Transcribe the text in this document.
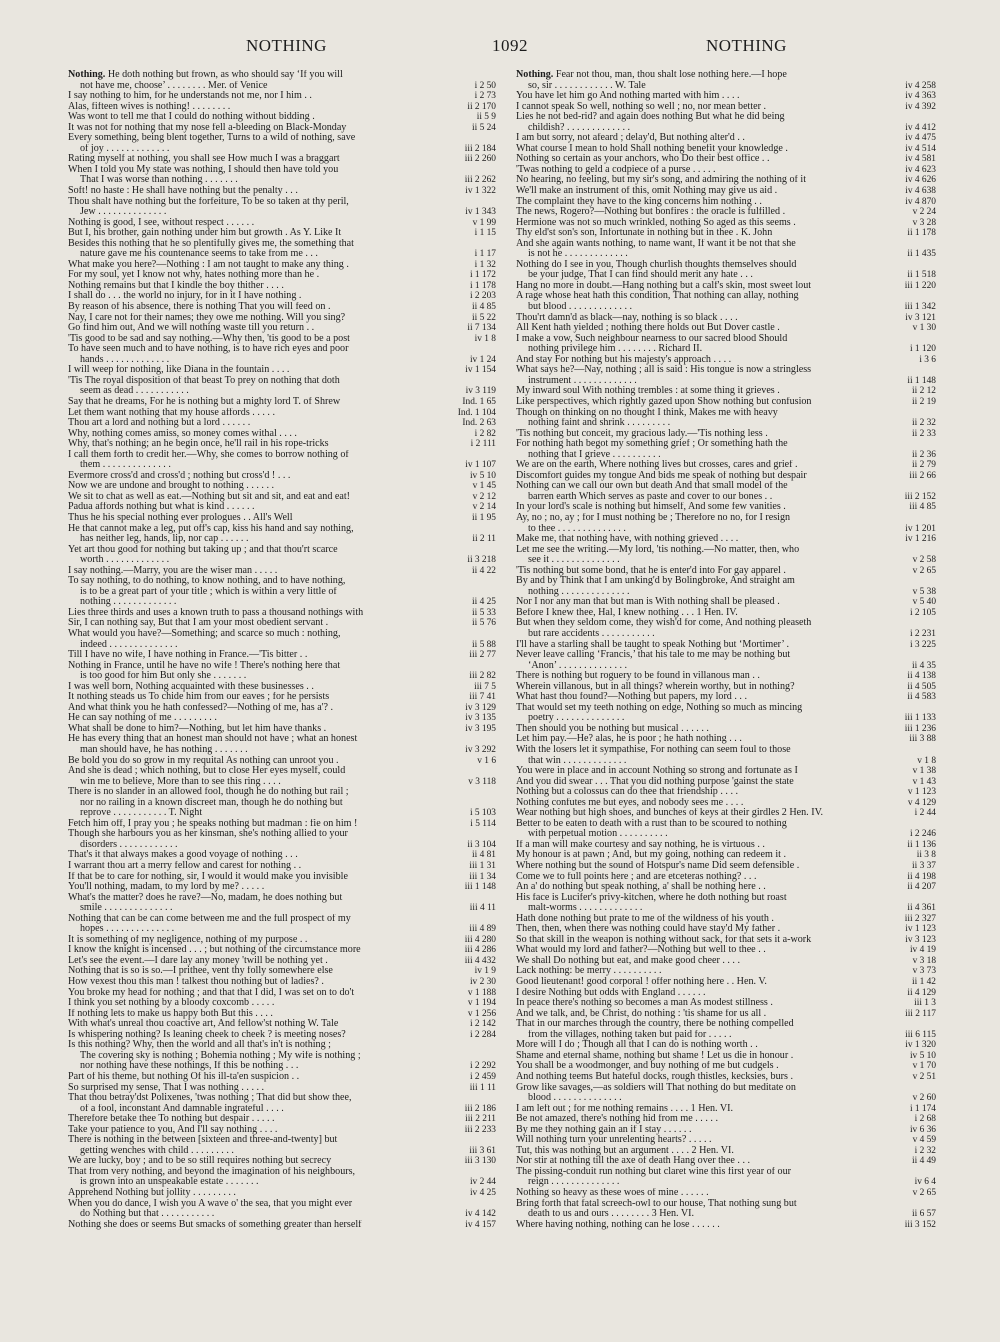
NOTHING	1092	NOTHING
Nothing. He doth nothing but frown, as who should say ‘If you will
not have me, choose’ . . . . . . . . Mer. of Venice	i 2 50
I say nothing to him, for he understands not me, nor I him . .	i 2 73
Alas, fifteen wives is nothing! . . . . . . . .	ii 2 170
Was wont to tell me that I could do nothing without bidding .	ii 5 9
It was not for nothing that my nose fell a-bleeding on Black-Monday	ii 5 24
Every something, being blent together, Turns to a wild of nothing, save
of joy . . . . . . . . . . . . .	iii 2 184
Rating myself at nothing, you shall see How much I was a braggart	iii 2 260
When I told you My state was nothing, I should then have told you
That I was worse than nothing . . . . . . .	iii 2 262
Soft! no haste : He shall have nothing but the penalty . . .	iv 1 322
Thou shalt have nothing but the forfeiture, To be so taken at thy peril,
Jew . . . . . . . . . . . . . .	iv 1 343
Nothing is good, I see, without respect . . . . . .	v 1 99
But I, his brother, gain nothing under him but growth . As Y. Like It	i 1 15
Besides this nothing that he so plentifully gives me, the something that
nature gave me his countenance seems to take from me . . .	i 1 17
What make you here?—Nothing : I am not taught to make any thing .	i 1 32
For my soul, yet I know not why, hates nothing more than he .	i 1 172
Nothing remains but that I kindle the boy thither . . . .	i 1 178
I shall do . . . the world no injury, for in it I have nothing .	i 2 203
By reason of his absence, there is nothing That you will feed on .	ii 4 85
Nay, I care not for their names; they owe me nothing. Will you sing?	ii 5 22
Go find him out, And we will nothing waste till you return . .	ii 7 134
'Tis good to be sad and say nothing.—Why then, 'tis good to be a post	iv 1 8
To have seen much and to have nothing, is to have rich eyes and poor
hands . . . . . . . . . . . . .	iv 1 24
I will weep for nothing, like Diana in the fountain . . . .	iv 1 154
'Tis The royal disposition of that beast To prey on nothing that doth
seem as dead . . . . . . . . . . .	iv 3 119
Say that he dreams, For he is nothing but a mighty lord T. of Shrew	Ind. 1 65
Let them want nothing that my house affords . . . . .	Ind. 1 104
Thou art a lord and nothing but a lord . . . . . .	Ind. 2 63
Why, nothing comes amiss, so money comes withal . . . .	i 2 82
Why, that's nothing; an he begin once, he'll rail in his rope-tricks	i 2 111
I call them forth to credit her.—Why, she comes to borrow nothing of
them . . . . . . . . . . . . . .	iv 1 107
Evermore cross'd and cross'd ; nothing but cross'd ! . . .	iv 5 10
Now we are undone and brought to nothing . . . . . .	v 1 45
We sit to chat as well as eat.—Nothing but sit and sit, and eat and eat!	v 2 12
Padua affords nothing but what is kind . . . . . .	v 2 14
Thus he his special nothing ever prologues . . All's Well	ii 1 95
He that cannot make a leg, put off's cap, kiss his hand and say nothing,
has neither leg, hands, lip, nor cap . . . . . .	ii 2 11
Yet art thou good for nothing but taking up ; and that thou'rt scarce
worth . . . . . . . . . . . . .	ii 3 218
I say nothing.—Marry, you are the wiser man . . . . .	ii 4 22
To say nothing, to do nothing, to know nothing, and to have nothing,
is to be a great part of your title ; which is within a very little of
nothing . . . . . . . . . . . . .	ii 4 25
Lies three thirds and uses a known truth to pass a thousand nothings with	ii 5 33
Sir, I can nothing say, But that I am your most obedient servant .	ii 5 76
What would you have?—Something; and scarce so much : nothing,
indeed . . . . . . . . . . . . . .	ii 5 88
Till I have no wife, I have nothing in France.—'Tis bitter . .	iii 2 77
Nothing in France, until he have no wife ! There's nothing here that
is too good for him But only she . . . . . . .	iii 2 82
I was well born, Nothing acquainted with these businesses . .	iii 7 5
It nothing steads us To chide him from our eaves ; for he persists	iii 7 41
And what think you he hath confessed?—Nothing of me, has a'? .	iv 3 129
He can say nothing of me . . . . . . . . .	iv 3 135
What shall be done to him?—Nothing, but let him have thanks .	iv 3 195
He has every thing that an honest man should not have ; what an honest
man should have, he has nothing . . . . . . .	iv 3 292
Be bold you do so grow in my requital As nothing can unroot you .	v 1 6
And she is dead ; which nothing, but to close Her eyes myself, could
win me to believe, More than to see this ring . . . .	v 3 118
There is no slander in an allowed fool, though he do nothing but rail ;
nor no railing in a known discreet man, though he do nothing but
reprove . . . . . . . . . . . T. Night	i 5 103
Fetch him off, I pray you ; he speaks nothing but madman : fie on him !	i 5 114
Though she harbours you as her kinsman, she's nothing allied to your
disorders . . . . . . . . . . . .	ii 3 104
That's it that always makes a good voyage of nothing . . .	ii 4 81
I warrant thou art a merry fellow and carest for nothing . .	iii 1 31
If that be to care for nothing, sir, I would it would make you invisible	iii 1 34
You'll nothing, madam, to my lord by me? . . . . .	iii 1 148
What's the matter? does he rave?—No, madam, he does nothing but
smile . . . . . . . . . . . . . .	iii 4 11
Nothing that can be can come between me and the full prospect of my
hopes . . . . . . . . . . . . . .	iii 4 89
It is something of my negligence, nothing of my purpose . .	iii 4 280
I know the knight is incensed . . . ; but nothing of the circumstance more	iii 4 286
Let's see the event.—I dare lay any money 'twill be nothing yet .	iii 4 432
Nothing that is so is so.—I prithee, vent thy folly somewhere else	iv 1 9
How vexest thou this man ! talkest thou nothing but of ladies? .	iv 2 30
You broke my head for nothing ; and that that I did, I was set on to do't	v 1 188
I think you set nothing by a bloody coxcomb . . . . .	v 1 194
If nothing lets to make us happy both But this . . . .	v 1 256
With what's unreal thou coactive art, And fellow'st nothing W. Tale	i 2 142
Is whispering nothing? Is leaning cheek to cheek ? is meeting noses?	i 2 284
Is this nothing? Why, then the world and all that's in't is nothing ;
The covering sky is nothing ; Bohemia nothing ; My wife is nothing ;
nor nothing have these nothings, If this be nothing . . .	i 2 292
Part of his theme, but nothing Of his ill-ta'en suspicion . .	i 2 459
So surprised my sense, That I was nothing . . . . .	iii 1 11
That thou betray'dst Polixenes, 'twas nothing ; That did but show thee,
of a fool, inconstant And damnable ingrateful . . . .	iii 2 186
Therefore betake thee To nothing but despair . . . . .	iii 2 211
Take your patience to you, And I'll say nothing . . . .	iii 2 233
There is nothing in the between [sixteen and three-and-twenty] but
getting wenches with child . . . . . . . . .	iii 3 61
We are lucky, boy ; and to be so still requires nothing but secrecy	iii 3 130
That from very nothing, and beyond the imagination of his neighbours,
is grown into an unspeakable estate . . . . . . .	iv 2 44
Apprehend Nothing but jollity . . . . . . . . .	iv 4 25
When you do dance, I wish you A wave o' the sea, that you might ever
do Nothing but that . . . . . . . . . . .	iv 4 142
Nothing she does or seems But smacks of something greater than herself	iv 4 157
Nothing. Fear not thou, man, thou shalt lose nothing here.—I hope
so, sir . . . . . . . . . . . . W. Tale	iv 4 258
You have let him go And nothing marted with him . . . .	iv 4 363
I cannot speak So well, nothing so well ; no, nor mean better .	iv 4 392
Lies he not bed-rid? and again does nothing But what he did being
childish? . . . . . . . . . . . . .	iv 4 412
I am but sorry, not afeard ; delay'd, But nothing alter'd . .	iv 4 475
What course I mean to hold Shall nothing benefit your knowledge .	iv 4 514
Nothing so certain as your anchors, who Do their best office . .	iv 4 581
'Twas nothing to geld a codpiece of a purse . . . . .	iv 4 623
No hearing, no feeling, but my sir's song, and admiring the nothing of it	iv 4 626
We'll make an instrument of this, omit Nothing may give us aid .	iv 4 638
The complaint they have to the king concerns him nothing . .	iv 4 870
The news, Rogero?—Nothing but bonfires : the oracle is fulfilled .	v 2 24
Hermione was not so much wrinkled, nothing So aged as this seems .	v 3 28
Thy eld'st son's son, Infortunate in nothing but in thee . K. John	ii 1 178
And she again wants nothing, to name want, If want it be not that she
is not he . . . . . . . . . . . . .	ii 1 435
Nothing do I see in you, Though churlish thoughts themselves should
be your judge, That I can find should merit any hate . . .	ii 1 518
Hang no more in doubt.—Hang nothing but a calf's skin, most sweet lout	iii 1 220
A rage whose heat hath this condition, That nothing can allay, nothing
but blood . . . . . . . . . . . . .	iii 1 342
Thou'rt damn'd as black—nay, nothing is so black . . . .	iv 3 121
All Kent hath yielded ; nothing there holds out But Dover castle .	v 1 30
I make a vow, Such neighbour nearness to our sacred blood Should
nothing privilege him . . . . . . . . Richard II.	i 1 120
And stay For nothing but his majesty's approach . . . .	i 3 6
What says he?—Nay, nothing ; all is said : His tongue is now a stringless
instrument . . . . . . . . . . . . .	ii 1 148
My inward soul With nothing trembles : at some thing it grieves .	ii 2 12
Like perspectives, which rightly gazed upon Show nothing but confusion	ii 2 19
Though on thinking on no thought I think, Makes me with heavy
nothing faint and shrink . . . . . . . . .	ii 2 32
'Tis nothing but conceit, my gracious lady.—'Tis nothing less .	ii 2 33
For nothing hath begot my something grief ; Or something hath the
nothing that I grieve . . . . . . . . . .	ii 2 36
We are on the earth, Where nothing lives but crosses, cares and grief .	ii 2 79
Discomfort guides my tongue And bids me speak of nothing but despair	iii 2 66
Nothing can we call our own but death And that small model of the
barren earth Which serves as paste and cover to our bones . .	iii 2 152
In your lord's scale is nothing but himself, And some few vanities .	iii 4 85
Ay, no ; no, ay ; for I must nothing be ; Therefore no no, for I resign
to thee . . . . . . . . . . . . . .	iv 1 201
Make me, that nothing have, with nothing grieved . . . .	iv 1 216
Let me see the writing.—My lord, 'tis nothing.—No matter, then, who
see it . . . . . . . . . . . . . .	v 2 58
'Tis nothing but some bond, that he is enter'd into For gay apparel .	v 2 65
By and by Think that I am unking'd by Bolingbroke, And straight am
nothing . . . . . . . . . . . . . .	v 5 38
Nor I nor any man that but man is With nothing shall be pleased .	v 5 40
Before I knew thee, Hal, I knew nothing . . . 1 Hen. IV.	i 2 105
But when they seldom come, they wish'd for come, And nothing pleaseth
but rare accidents . . . . . . . . . . .	i 2 231
I'll have a starling shall be taught to speak Nothing but ‘Mortimer’ .	i 3 225
Never leave calling ‘Francis,’ that his tale to me may be nothing but
‘Anon’ . . . . . . . . . . . . . .	ii 4 35
There is nothing but roguery to be found in villanous man . .	ii 4 138
Wherein villanous, but in all things? wherein worthy, but in nothing?	ii 4 505
What hast thou found?—Nothing but papers, my lord . . .	ii 4 583
That would set my teeth nothing on edge, Nothing so much as mincing
poetry . . . . . . . . . . . . . .	iii 1 133
Then should you be nothing but musical . . . . . .	iii 1 236
Let him pay.—He? alas, he is poor ; he hath nothing . . .	iii 3 88
With the losers let it sympathise, For nothing can seem foul to those
that win . . . . . . . . . . . . .	v 1 8
You were in place and in account Nothing so strong and fortunate as I	v 1 38
And you did swear . . . That you did nothing purpose 'gainst the state	v 1 43
Nothing but a colossus can do thee that friendship . . . .	v 1 123
Nothing confutes me but eyes, and nobody sees me . . . .	v 4 129
Wear nothing but high shoes, and bunches of keys at their girdles 2 Hen. IV.	i 2 44
Better to be eaten to death with a rust than to be scoured to nothing
with perpetual motion . . . . . . . . . .	i 2 246
If a man will make courtesy and say nothing, he is virtuous . .	ii 1 136
My honour is at pawn ; And, but my going, nothing can redeem it .	ii 3 8
Where nothing but the sound of Hotspur's name Did seem defensible .	ii 3 37
Come we to full points here ; and are etceteras nothing? . . .	ii 4 198
An a' do nothing but speak nothing, a' shall be nothing here . .	ii 4 207
His face is Lucifer's privy-kitchen, where he doth nothing but roast
malt-worms . . . . . . . . . . . . .	ii 4 361
Hath done nothing but prate to me of the wildness of his youth .	iii 2 327
Then, then, when there was nothing could have stay'd My father .	iv 1 123
So that skill in the weapon is nothing without sack, for that sets it a-work	iv 3 123
What would my lord and father?—Nothing but well to thee . .	iv 4 19
We shall Do nothing but eat, and make good cheer . . . .	v 3 18
Lack nothing: be merry . . . . . . . . . .	v 3 73
Good lieutenant! good corporal ! offer nothing here . . Hen. V.	ii 1 42
I desire Nothing but odds with England . . . . . .	ii 4 129
In peace there's nothing so becomes a man As modest stillness .	iii 1 3
And we talk, and, be Christ, do nothing : 'tis shame for us all .	iii 2 117
That in our marches through the country, there be nothing compelled
from the villages, nothing taken but paid for . . . . .	iii 6 115
More will I do ; Though all that I can do is nothing worth . .	iv 1 320
Shame and eternal shame, nothing but shame ! Let us die in honour .	iv 5 10
You shall be a woodmonger, and buy nothing of me but cudgels .	v 1 70
And nothing teems But hateful docks, rough thistles, kecksies, burs .	v 2 51
Grow like savages,—as soldiers will That nothing do but meditate on
blood . . . . . . . . . . . . . .	v 2 60
I am left out ; for me nothing remains . . . . 1 Hen. VI.	i 1 174
Be not amazed, there's nothing hid from me . . . . .	i 2 68
By me they nothing gain an if I stay . . . . . .	iv 6 36
Will nothing turn your unrelenting hearts? . . . . .	v 4 59
Tut, this was nothing but an argument . . . . 2 Hen. VI.	i 2 32
Nor stir at nothing till the axe of death Hang over thee . . .	ii 4 49
The pissing-conduit run nothing but claret wine this first year of our
reign . . . . . . . . . . . . . .	iv 6 4
Nothing so heavy as these woes of mine . . . . . .	v 2 65
Bring forth that fatal screech-owl to our house, That nothing sung but
death to us and ours . . . . . . . . 3 Hen. VI.	ii 6 57
Where having nothing, nothing can he lose . . . . . .	iii 3 152
